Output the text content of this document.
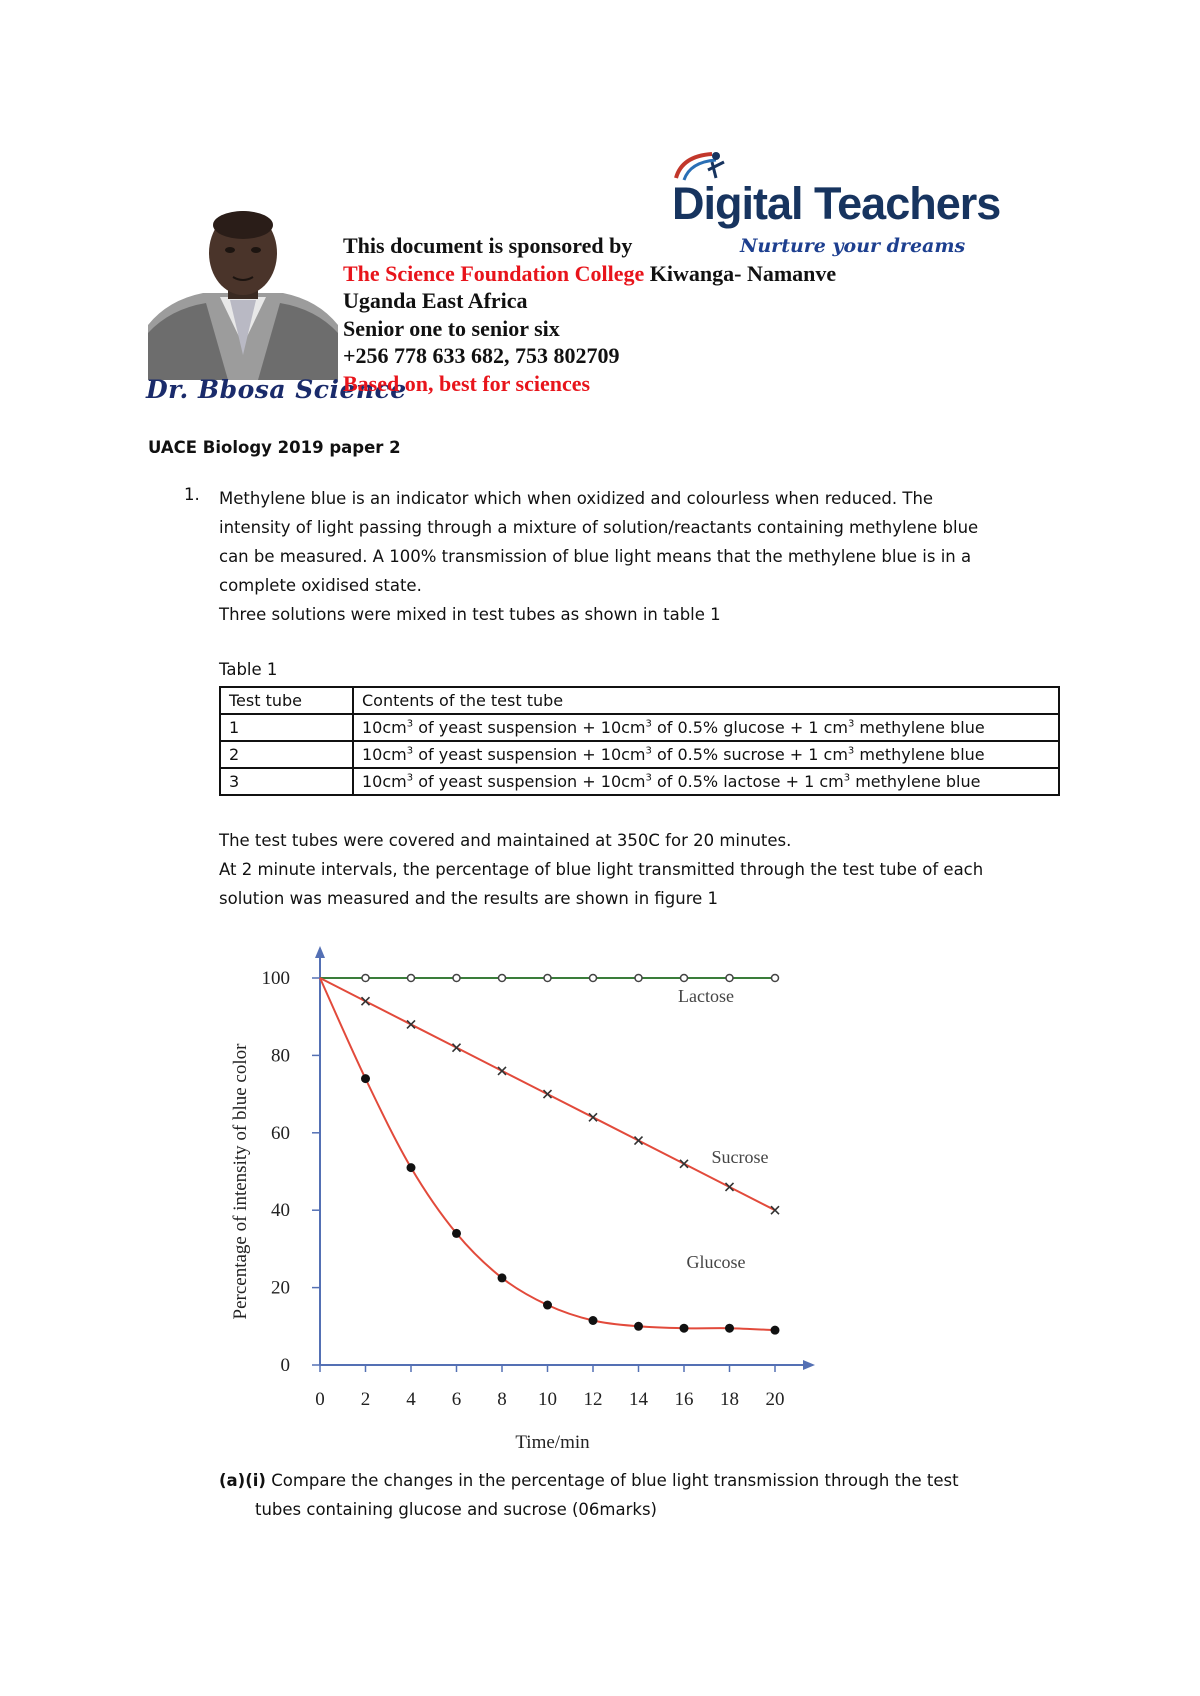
Dr. Bbosa Science
This document is sponsored by
The Science Foundation College Kiwanga- Namanve
Uganda East Africa
Senior one to senior six
+256 778 633 682, 753 802709
Based on, best for sciences
Digital Teachers
Nurture your dreams
UACE Biology 2019 paper 2
1. Methylene blue is an indicator which when oxidized and colourless when reduced. The
intensity of light passing through a mixture of solution/reactants containing methylene blue
can be measured. A 100% transmission of blue light means that the methylene blue is in a
complete oxidised state.
Three solutions were mixed in test tubes as shown in table 1
Table 1
Test tube	Contents of the test tube
1	$10cm^3$ of yeast suspension + $10cm^3$ of 0.5% glucose + 1 $cm^3$ methylene blue
2	$10cm^3$ of yeast suspension + $10cm^3$ of 0.5% sucrose + 1 $cm^3$ methylene blue
3	$10cm^3$ of yeast suspension + $10cm^3$ of 0.5% lactose + 1 $cm^3$ methylene blue
The test tubes were covered and maintained at 350C for 20 minutes.
At 2 minute intervals, the percentage of blue light transmitted through the test tube of each
solution was measured and the results are shown in figure 1
0 2 4 6 8 10 12 14 16 18 20
0
20
40
60
80
100
Time/min
Percentage of intensity of blue color
Lactose
Sucrose
Glucose
(a)(i) Compare the changes in the percentage of blue light transmission through the test
tubes containing glucose and sucrose (06marks)
